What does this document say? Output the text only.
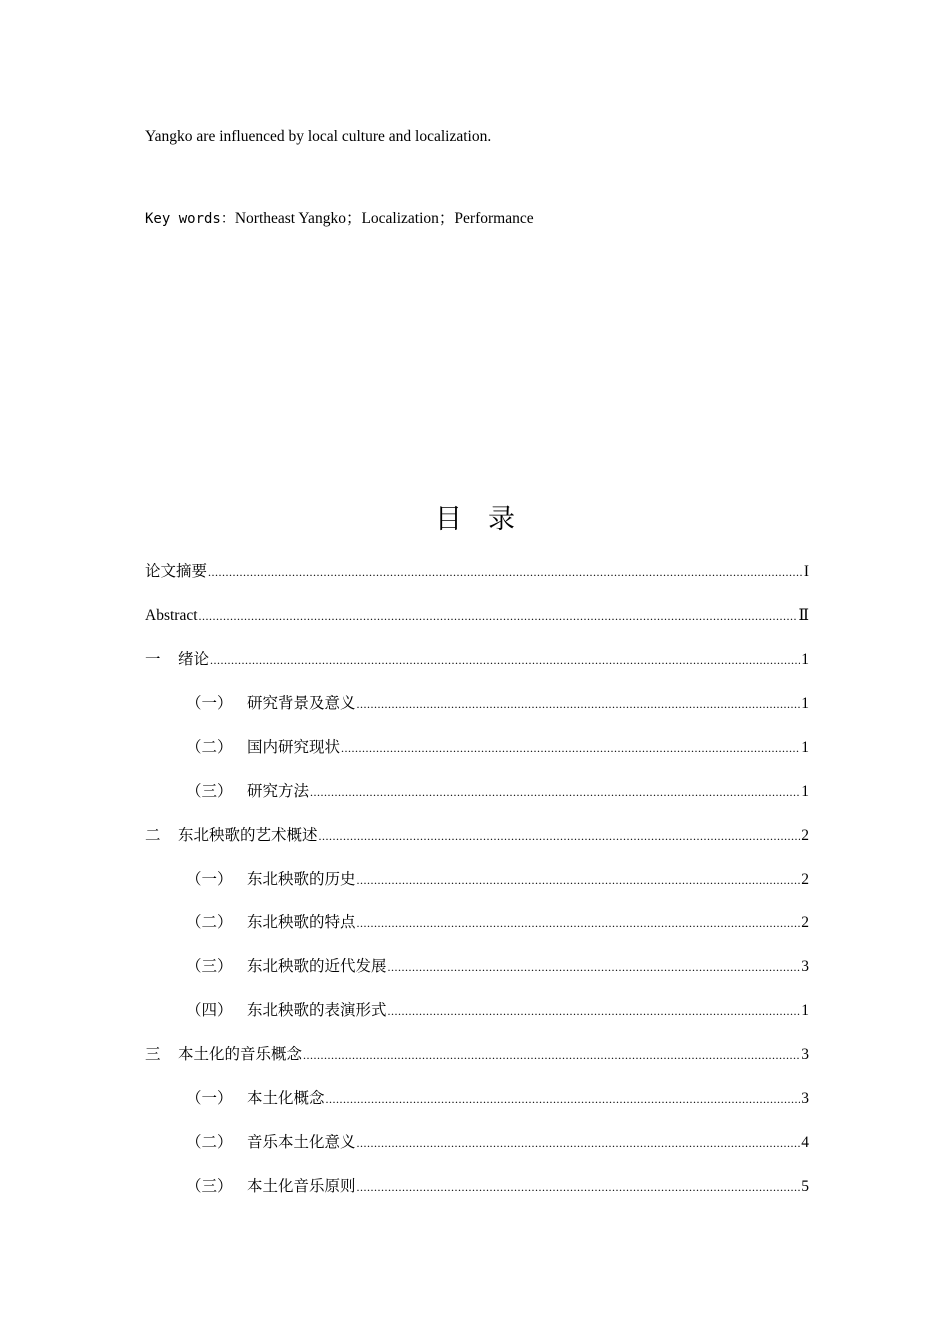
Yangko are influenced by local culture and localization.
Key words：Northeast Yangko；Localization；Performance
目录
论文摘要 .....	I
Abstract .....	Ⅱ
一	绪论 .....	1
（一） 研究背景及意义 .....	1
（二） 国内研究现状 .....	1
（三） 研究方法 .....	1
二	东北秧歌的艺术概述 .....	2
（一） 东北秧歌的历史 .....	2
（二） 东北秧歌的特点 .....	2
（三） 东北秧歌的近代发展 .....	3
（四） 东北秧歌的表演形式 .....	1
三	本土化的音乐概念 .....	3
（一） 本土化概念 .....	3
（二） 音乐本土化意义 .....	4
（三） 本土化音乐原则 .....	5
